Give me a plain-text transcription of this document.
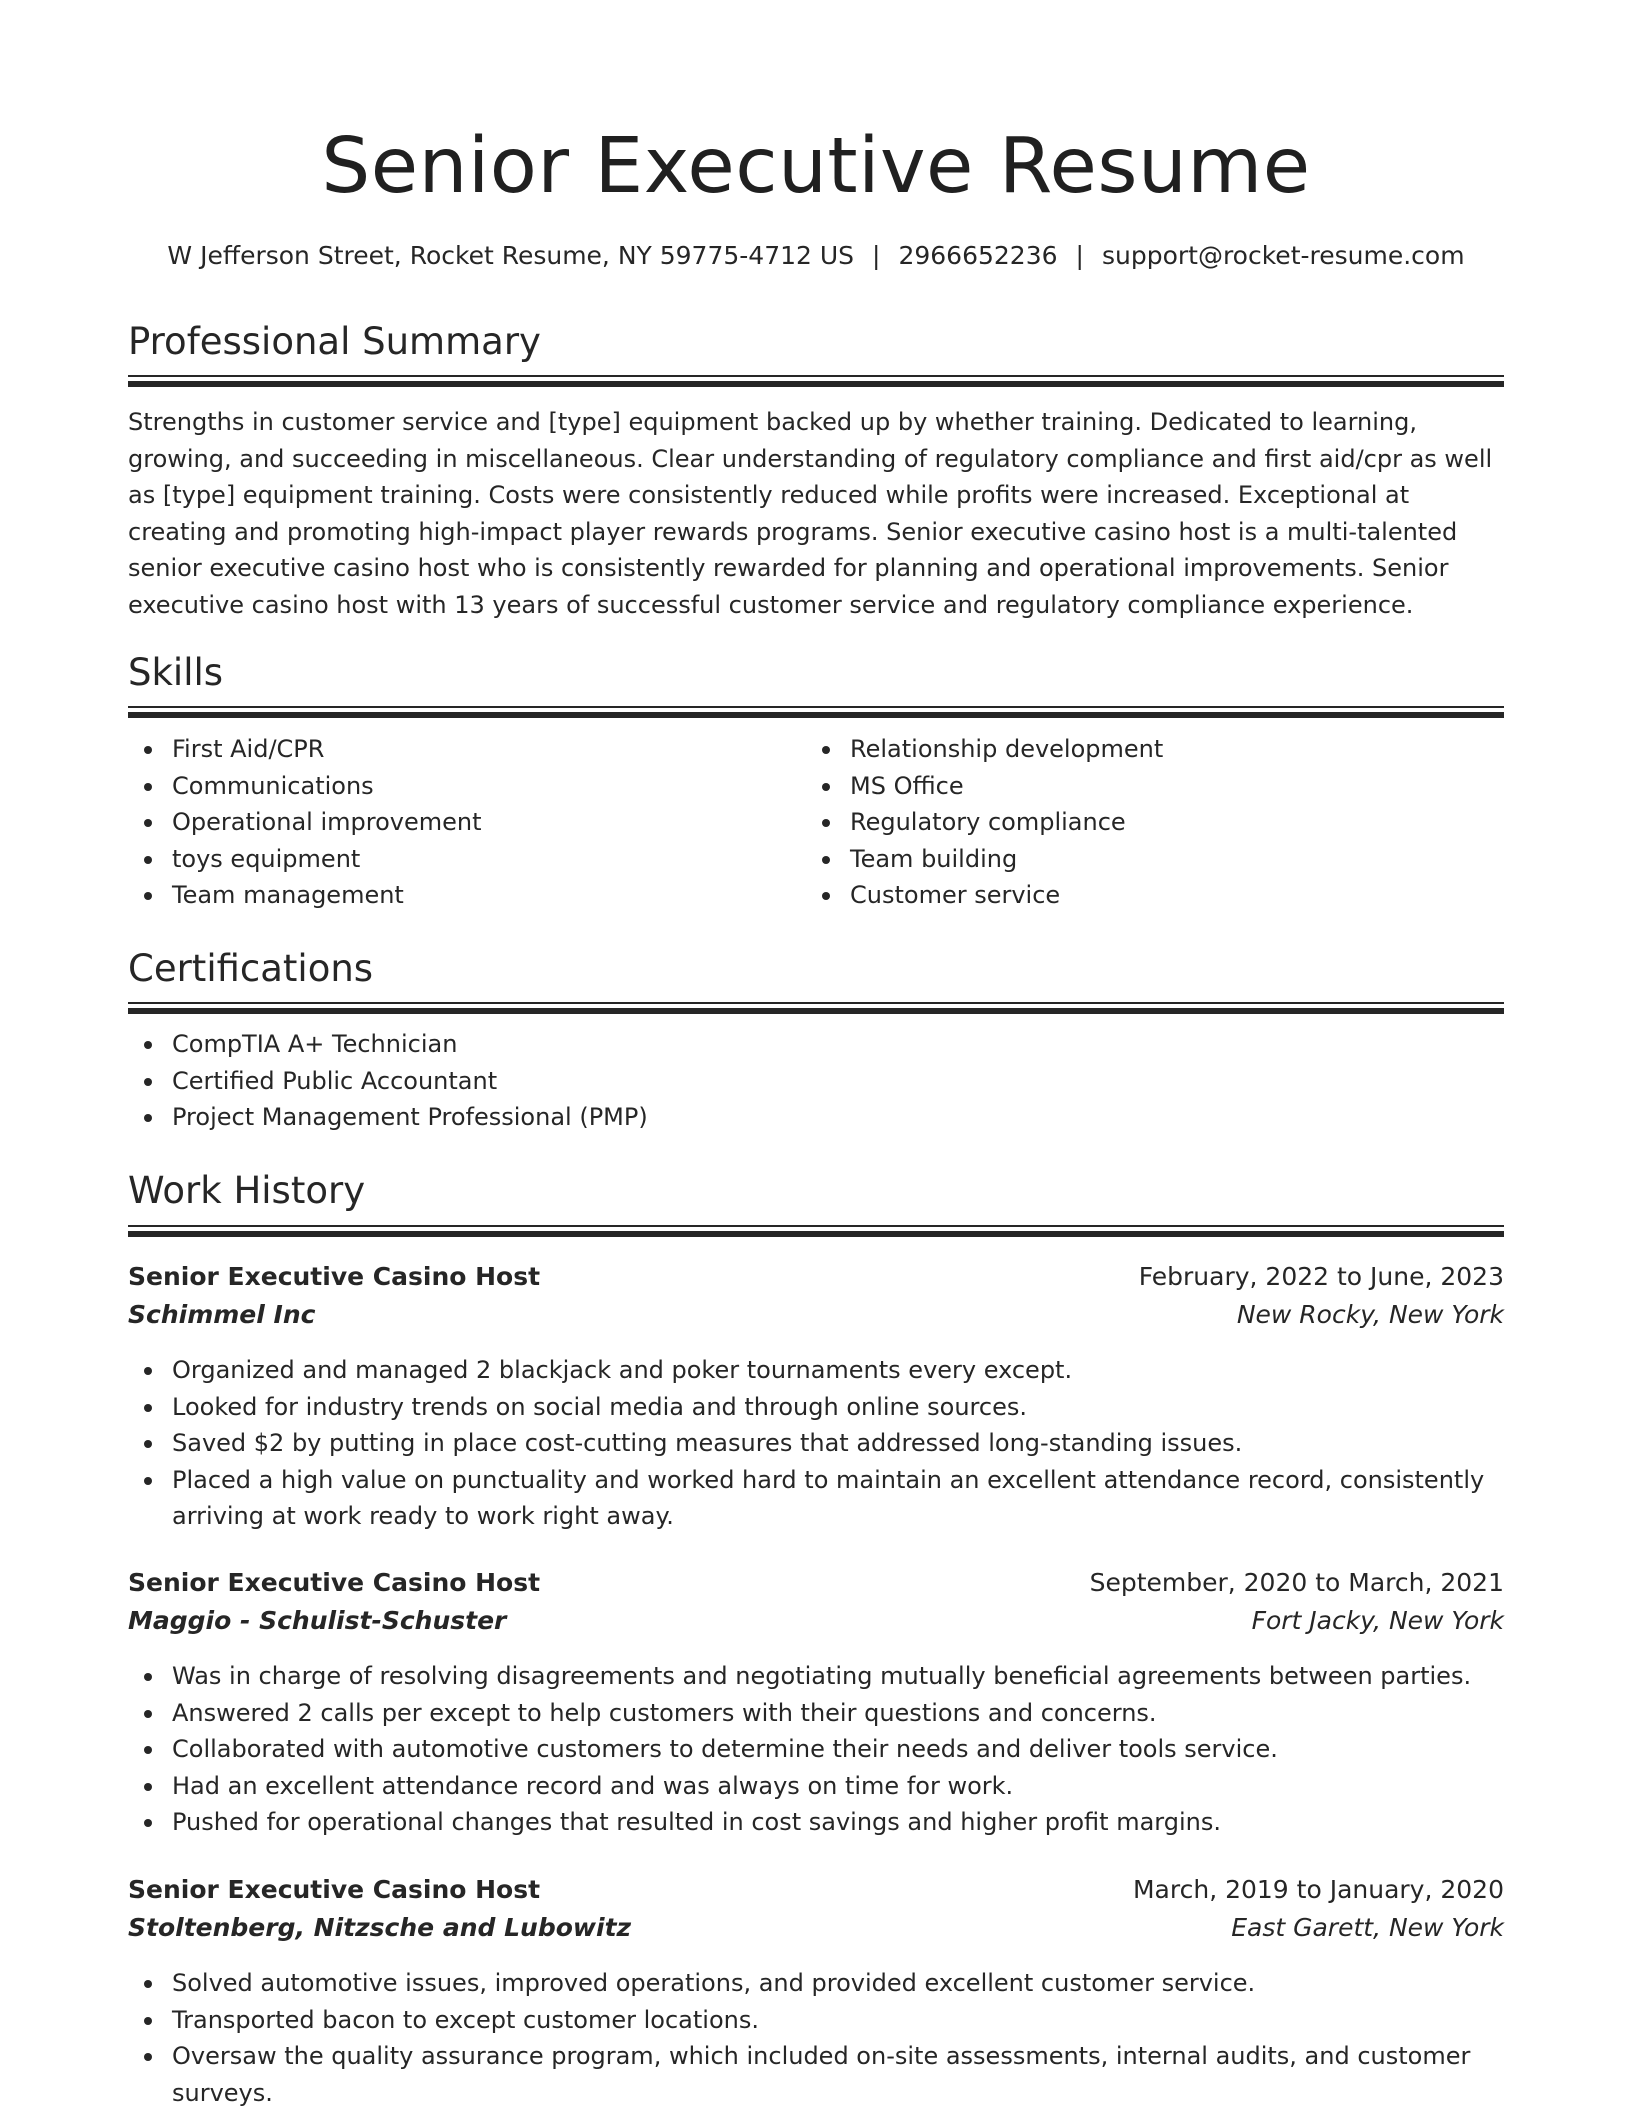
Senior Executive Resume
W Jefferson Street, Rocket Resume, NY 59775-4712 US | 2966652236 | support@rocket-resume.com
Professional Summary

Strengths in customer service and [type] equipment backed up by whether training. Dedicated to learning, growing, and succeeding in miscellaneous. Clear understanding of regulatory compliance and first aid/cpr as well as [type] equipment training. Costs were consistently reduced while profits were increased. Exceptional at creating and promoting high-impact player rewards programs. Senior executive casino host is a multi-talented senior executive casino host who is consistently rewarded for planning and operational improvements. Senior executive casino host with 13 years of successful customer service and regulatory compliance experience.

Skills
First Aid/CPR
Communications
Operational improvement
toys equipment
Team management
Relationship development
MS Office
Regulatory compliance
Team building
Customer service
Certifications
CompTIA A+ Technician
Certified Public Accountant
Project Management Professional (PMP)
Work History
Senior Executive Casino Host	February, 2022 to June, 2023
Schimmel Inc	New Rocky, New York
Organized and managed 2 blackjack and poker tournaments every except.
Looked for industry trends on social media and through online sources.
Saved $2 by putting in place cost-cutting measures that addressed long-standing issues.
Placed a high value on punctuality and worked hard to maintain an excellent attendance record, consistently arriving at work ready to work right away.
Senior Executive Casino Host	September, 2020 to March, 2021
Maggio - Schulist-Schuster	Fort Jacky, New York
Was in charge of resolving disagreements and negotiating mutually beneficial agreements between parties.
Answered 2 calls per except to help customers with their questions and concerns.
Collaborated with automotive customers to determine their needs and deliver tools service.
Had an excellent attendance record and was always on time for work.
Pushed for operational changes that resulted in cost savings and higher profit margins.
Senior Executive Casino Host	March, 2019 to January, 2020
Stoltenberg, Nitzsche and Lubowitz	East Garett, New York
Solved automotive issues, improved operations, and provided excellent customer service.
Transported bacon to except customer locations.
Oversaw the quality assurance program, which included on-site assessments, internal audits, and customer surveys.
